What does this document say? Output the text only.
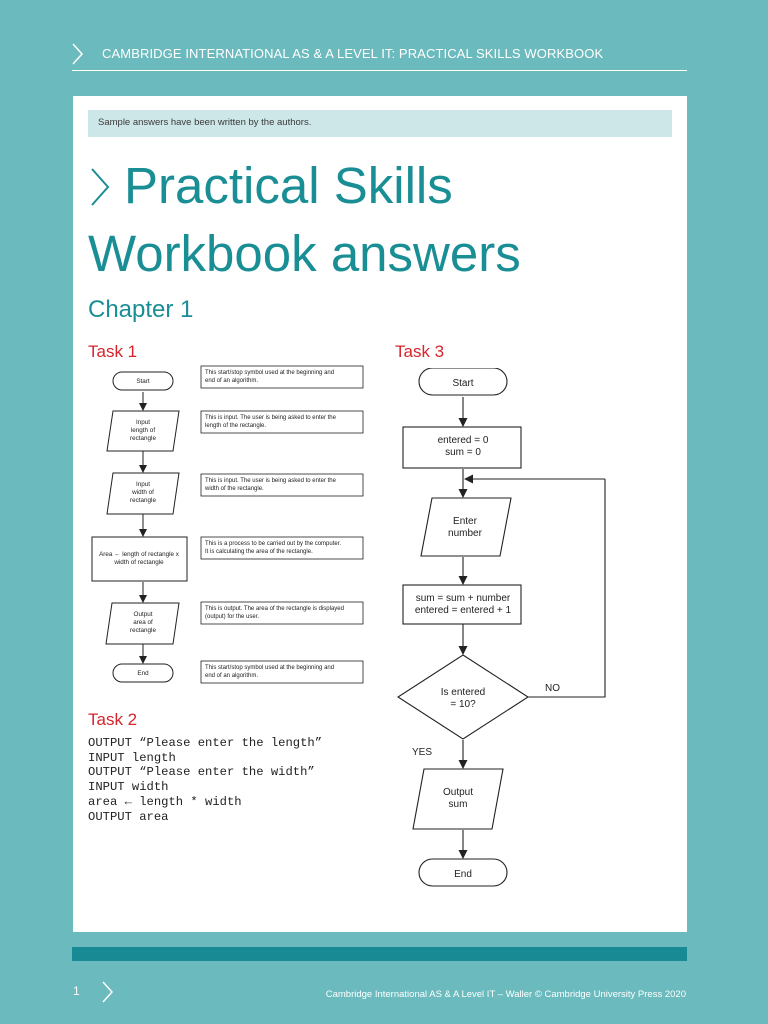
CAMBRIDGE INTERNATIONAL AS & A LEVEL IT: PRACTICAL SKILLS WORKBOOK
Sample answers have been written by the authors.
Practical Skills
Workbook answers
Chapter 1
Task 1	Task 3
Task 2
Start
Input
length of
rectangle
Input
width of
rectangle
Area ← length of rectangle x
width of rectangle
Output
area of
rectangle
End
This start/stop symbol used at the beginning and
end of an algorithm.
This is input. The user is being asked to enter the
length of the rectangle.
This is input. The user is being asked to enter the
width of the rectangle.
This is a process to be carried out by the computer.
It is calculating the area of the rectangle.
This is output. The area of the rectangle is displayed
(output) for the user.
This start/stop symbol used at the beginning and
end of an algorithm.
OUTPUT “Please enter the length”
INPUT length
OUTPUT “Please enter the width”
INPUT width
area ← length * width
OUTPUT area
Start
entered = 0
sum = 0
Enter
number
sum = sum + number
entered = entered + 1
Is entered
= 10?
Output
sum
End
NO
YES
1	Cambridge International AS & A Level IT – Waller © Cambridge University Press 2020
